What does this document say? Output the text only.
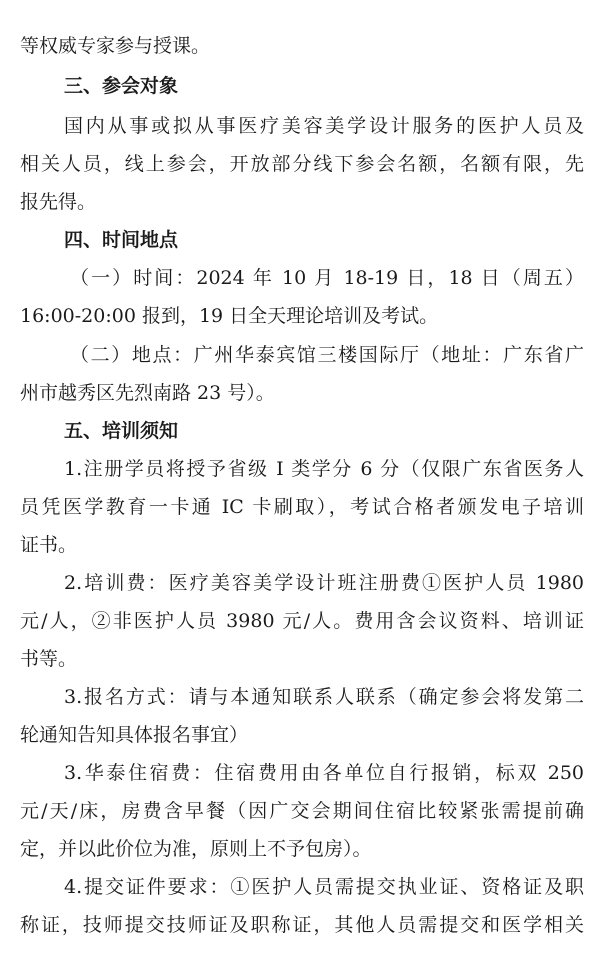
等权威专家参与授课。
三、参会对象
国内从事或拟从事医疗美容美学设计服务的医护人员及
相关人员，线上参会，开放部分线下参会名额，名额有限，先
报先得。
四、时间地点
（一）时间：2024 年 10 月 18-19 日，18 日（周五）
16:00-20:00 报到，19 日全天理论培训及考试。
（二）地点：广州华泰宾馆三楼国际厅（地址：广东省广
州市越秀区先烈南路 23 号）。
五、培训须知
1.注册学员将授予省级 I 类学分 6 分（仅限广东省医务人
员凭医学教育一卡通 IC 卡刷取），考试合格者颁发电子培训
证书。
2.培训费：医疗美容美学设计班注册费①医护人员 1980
元/人，②非医护人员 3980 元/人。费用含会议资料、培训证
书等。
3.报名方式：请与本通知联系人联系（确定参会将发第二
轮通知告知具体报名事宜）
3.华泰住宿费：住宿费用由各单位自行报销，标双 250
元/天/床，房费含早餐（因广交会期间住宿比较紧张需提前确
定，并以此价位为准，原则上不予包房）。
4.提交证件要求：①医护人员需提交执业证、资格证及职
称证，技师提交技师证及职称证，其他人员需提交和医学相关
